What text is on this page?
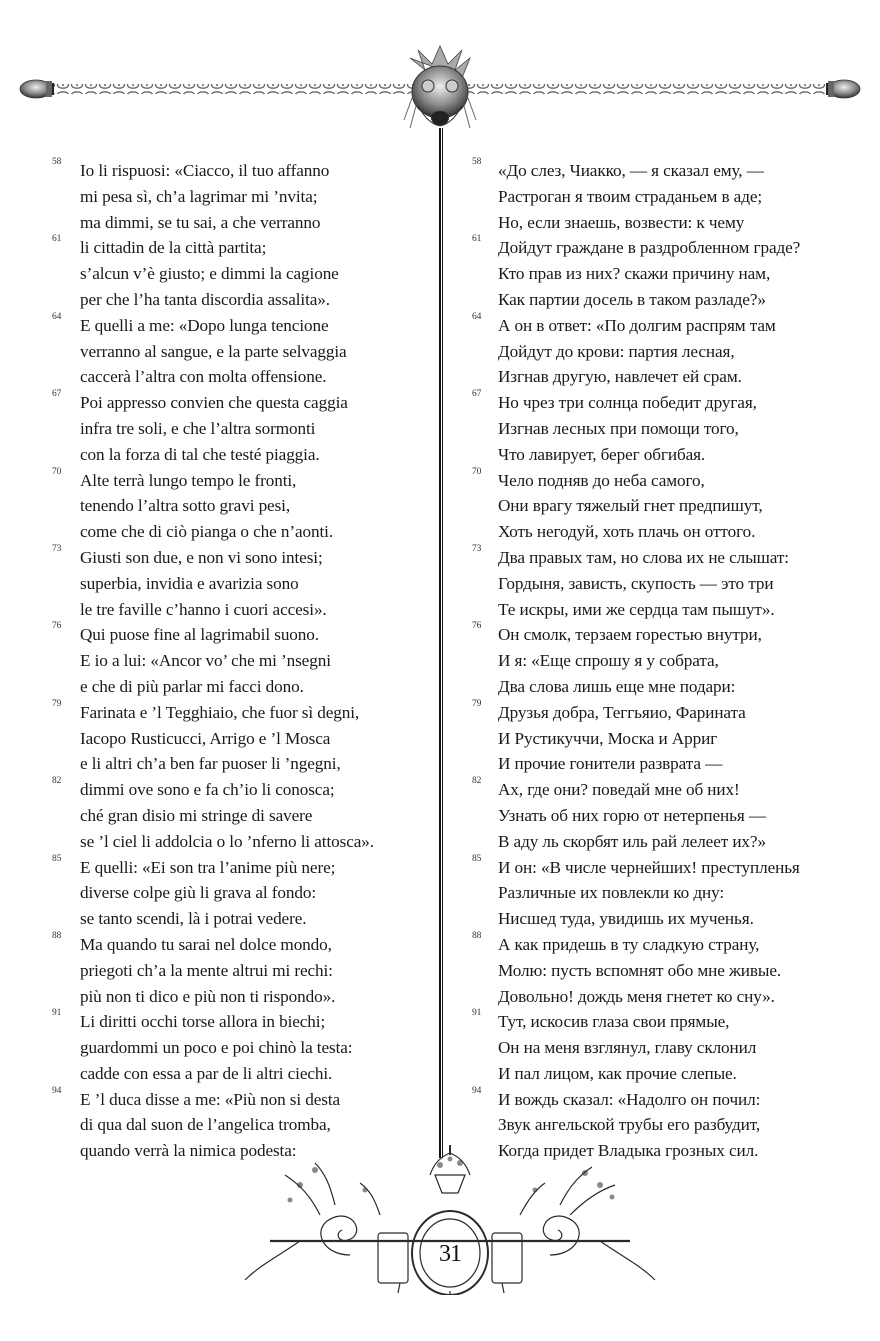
58 Io li rispuosi: «Ciacco, il tuo affanno
mi pesa sì, ch’a lagrimar mi ’nvita;
ma dimmi, se tu sai, a che verranno
61 li cittadin de la città partita;
s’alcun v’è giusto; e dimmi la cagione
per che l’ha tanta discordia assalita».
64 E quelli a me: «Dopo lunga tencione
verranno al sangue, e la parte selvaggia
caccerà l’altra con molta offensione.
67 Poi appresso convien che questa caggia
infra tre soli, e che l’altra sormonti
con la forza di tal che testé piaggia.
70 Alte terrà lungo tempo le fronti,
tenendo l’altra sotto gravi pesi,
come che di ciò pianga o che n’aonti.
73 Giusti son due, e non vi sono intesi;
superbia, invidia e avarizia sono
le tre faville c’hanno i cuori accesi».
76 Qui puose fine al lagrimabil suono.
E io a lui: «Ancor vo’ che mi ’nsegni
e che di più parlar mi facci dono.
79 Farinata e ’l Tegghiaio, che fuor sì degni,
Iacopo Rusticucci, Arrigo e ’l Mosca
e li altri ch’a ben far puoser li ’ngegni,
82 dimmi ove sono e fa ch’io li conosca;
ché gran disio mi stringe di savere
se ’l ciel li addolcia o lo ’nferno li attosca».
85 E quelli: «Ei son tra l’anime più nere;
diverse colpe giù li grava al fondo:
se tanto scendi, là i potrai vedere.
88 Ma quando tu sarai nel dolce mondo,
priegoti ch’a la mente altrui mi rechi:
più non ti dico e più non ti rispondo».
91 Li diritti occhi torse allora in biechi;
guardommi un poco e poi chinò la testa:
cadde con essa a par de li altri ciechi.
94 E ’l duca disse a me: «Più non si desta
di qua dal suon de l’angelica tromba,
quando verrà la nimica podesta:
58 «До слез, Чиакко, — я сказал ему, —
Растроган я твоим страданьем в аде;
Но, если знаешь, возвести: к чему
61 Дойдут граждане в раздробленном граде?
Кто прав из них? скажи причину нам,
Как партии досель в таком разладе?»
64 А он в ответ: «По долгим распрям там
Дойдут до крови: партия лесная,
Изгнав другую, навлечет ей срам.
67 Но чрез три солнца победит другая,
Изгнав лесных при помощи того,
Что лавирует, берег обгибая.
70 Чело подняв до неба самого,
Они врагу тяжелый гнет предпишут,
Хоть негодуй, хоть плачь он оттого.
73 Два правых там, но слова их не слышат:
Гордыня, зависть, скупость — это три
Те искры, ими же сердца там пышут».
76 Он смолк, терзаем горестью внутри,
И я: «Еще спрошу я у собрата,
Два слова лишь еще мне подари:
79 Друзья добра, Теггьяио, Фарината
И Рустикуччи, Моска и Арриг
И прочие гонители разврата —
82 Ах, где они? поведай мне об них!
Узнать об них горю от нетерпенья —
В аду ль скорбят иль рай лелеет их?»
85 И он: «В числе чернейших! преступленья
Различные их повлекли ко дну:
Нисшед туда, увидишь их мученья.
88 А как придешь в ту сладкую страну,
Молю: пусть вспомнят обо мне живые.
Довольно! дождь меня гнетет ко сну».
91 Тут, искосив глаза свои прямые,
Он на меня взглянул, главу склонил
И пал лицом, как прочие слепые.
94 И вождь сказал: «Надолго он почил:
Звук ангельской трубы его разбудит,
Когда придет Владыка грозных сил.
31
